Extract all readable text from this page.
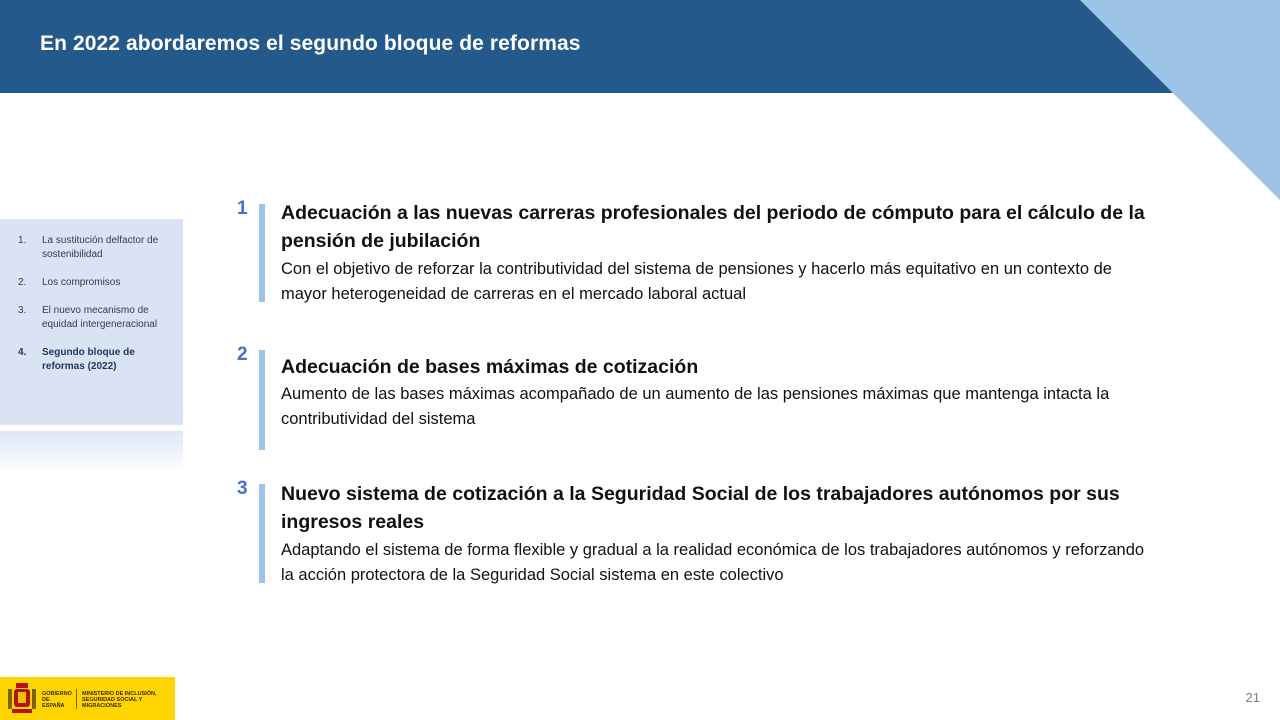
En 2022 abordaremos el segundo bloque de reformas
1. La sustitución delfactor de sostenibilidad
2. Los compromisos
3. El nuevo mecanismo de equidad intergeneracional
4. Segundo bloque de reformas (2022)
1 Adecuación a las nuevas carreras profesionales del periodo de cómputo para el cálculo de la pensión de jubilación
Con el objetivo de reforzar la contributividad del sistema de pensiones y hacerlo más equitativo en un contexto de mayor heterogeneidad de carreras en el mercado laboral actual
2
Adecuación de bases máximas de cotización
Aumento de las bases máximas acompañado de un aumento de las pensiones máximas que mantenga intacta la contributividad del sistema
3 Nuevo sistema de cotización a la Seguridad Social de los trabajadores autónomos por sus ingresos reales
Adaptando el sistema de forma flexible y gradual a la realidad económica de los trabajadores autónomos y reforzando la acción protectora de la Seguridad Social sistema en este colectivo
GOBIERNO DE ESPAÑA
MINISTERIO DE INCLUSIÓN, SEGURIDAD SOCIAL Y MIGRACIONES
21
